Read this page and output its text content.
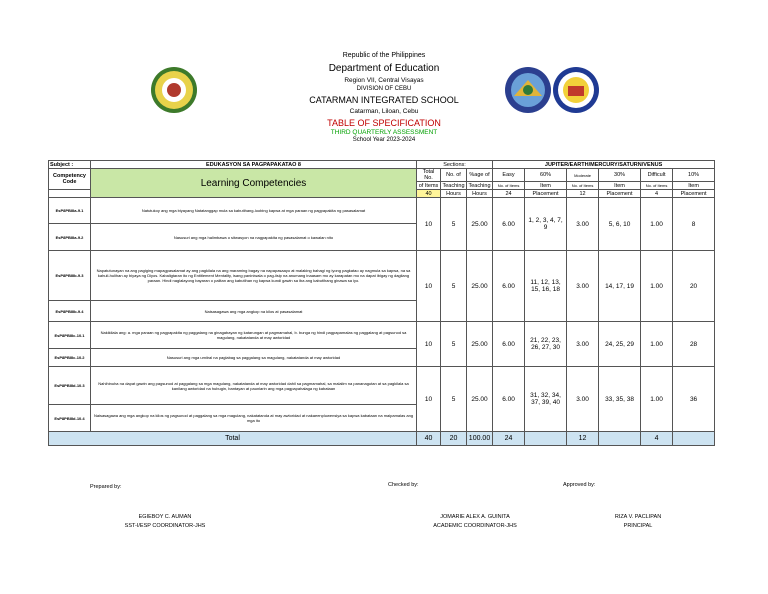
Republic of the Philippines
Department of Education
Region VII, Central Visayas
DIVISION OF CEBU
CATARMAN INTEGRATED SCHOOL
Catarman, Liloan, Cebu
TABLE OF SPECIFICATION
THIRD QUARTERLY ASSESSMENT
School Year 2023-2024
Subject :	EDUKASYON SA PAGPAPAKATAO 8	Sections:			JUPITER/EARTH/MERCURY/SATURN/VENUS					
Competency Code	Learning Competencies	Total No.	No. of	%age of	Easy	60%	Moderate	30%	Difficult	10%
		of Items	Teaching	Teaching	No. of Items	Item	No. of Items	Item	No. of Items	Item
		40	Hours	Hours	24	Placement	12	Placement	4	Placement
EsP8PBIIIa-9.1	Natutukoy ang mga biyayang Natatanggap mula sa kabutihang-loobing kapwa at mga paraan ng pagpapakita ng pasasalamat	10	5	25.00	6.00	1, 2, 3, 4, 7, 9	3.00	5, 6, 10	1.00	8
EsP8PBIIIa-9.2	Nasusuri ang mga halimbawa o sitwasyon na nagpapakita ng pasasalamat o kawalan nito									
EsP8PBIIIb-9.3	Napatutunayan na ang pagiging mapagpasalamat ay ang pagkilala na ang maraming bagay na napapasaayo at malaking bahagi ng iyong pagkatao ay nagmula sa kapwa, na sa kahuli-hulihan ay biyaya ng Diyos. Kabaligtaran ito ng Entitlement Mentality, isang paniniwala o pag-iisip na anumang inaasam mo ay karapatan mo na dapat ibigay ng dagliang paraan. Hindi naglalayong bayaran o palitan ang kabutihan ng kapwa kundi gawin sa iba ang kabutihang ginawa sa iyo.	10	5	25.00	6.00	11, 12, 13, 15, 16, 18	3.00	14, 17, 19	1.00	20
EsP8PBIIIb-9.4	Naisasagawa ang mga angkop na kilos at pasasalamat									
EsP8PBIIIc-10.1	Nakikilala ang: a. mga paraan ng pagpapakita ng paggalang na ginagabayan ng katarungan at pagmamahal, b. bunga ng hindi pagpapamalas ng paggalang at pagsunod sa magulang, nakatatanda at may awtoridad	10	5	25.00	6.00	21, 22, 23, 26, 27, 30	3.00	24, 25, 29	1.00	28
EsP8PBIIIc-10.2	Nasusuri ang mga umiiral na paglabag sa paggalang sa magulang, nakatatanda at may awtoridad									
EsP8PBIIId-10.3	Nahihinuha na dapat gawin ang pagsunod at paggalang sa mga magulang, nakatatanda at may awtoridad dahil sa pagmamahal, sa malalim na pananagutan at sa pagkilala sa kanilang awtoridad na hubugin, bantayan at paunlarin ang mga pagpapahalaga ng kabataan	10	5	25.00	6.00	31, 32, 34, 37, 39, 40	3.00	33, 35, 38	1.00	36
EsP8PBIIId-10.4	Naisasagawa ang mga angkop na kilos ng pagsunod at paggalang sa mga magulang, nakatatanda at may awtoridad at nakaeenpluwensiya sa kapwa kabataan na maipamalas ang mga ito									
Total		40	20	100.00	24		12		4	
Prepared by:	Checked by:	Approved by:
EGIEBOY C. AUMAN
SST-I/ESP COORDINATOR-JHS
JOMARIE ALEX A. GUINITA
ACADEMIC COORDINATOR-JHS
RIZA V. PACLIPAN
PRINCIPAL
